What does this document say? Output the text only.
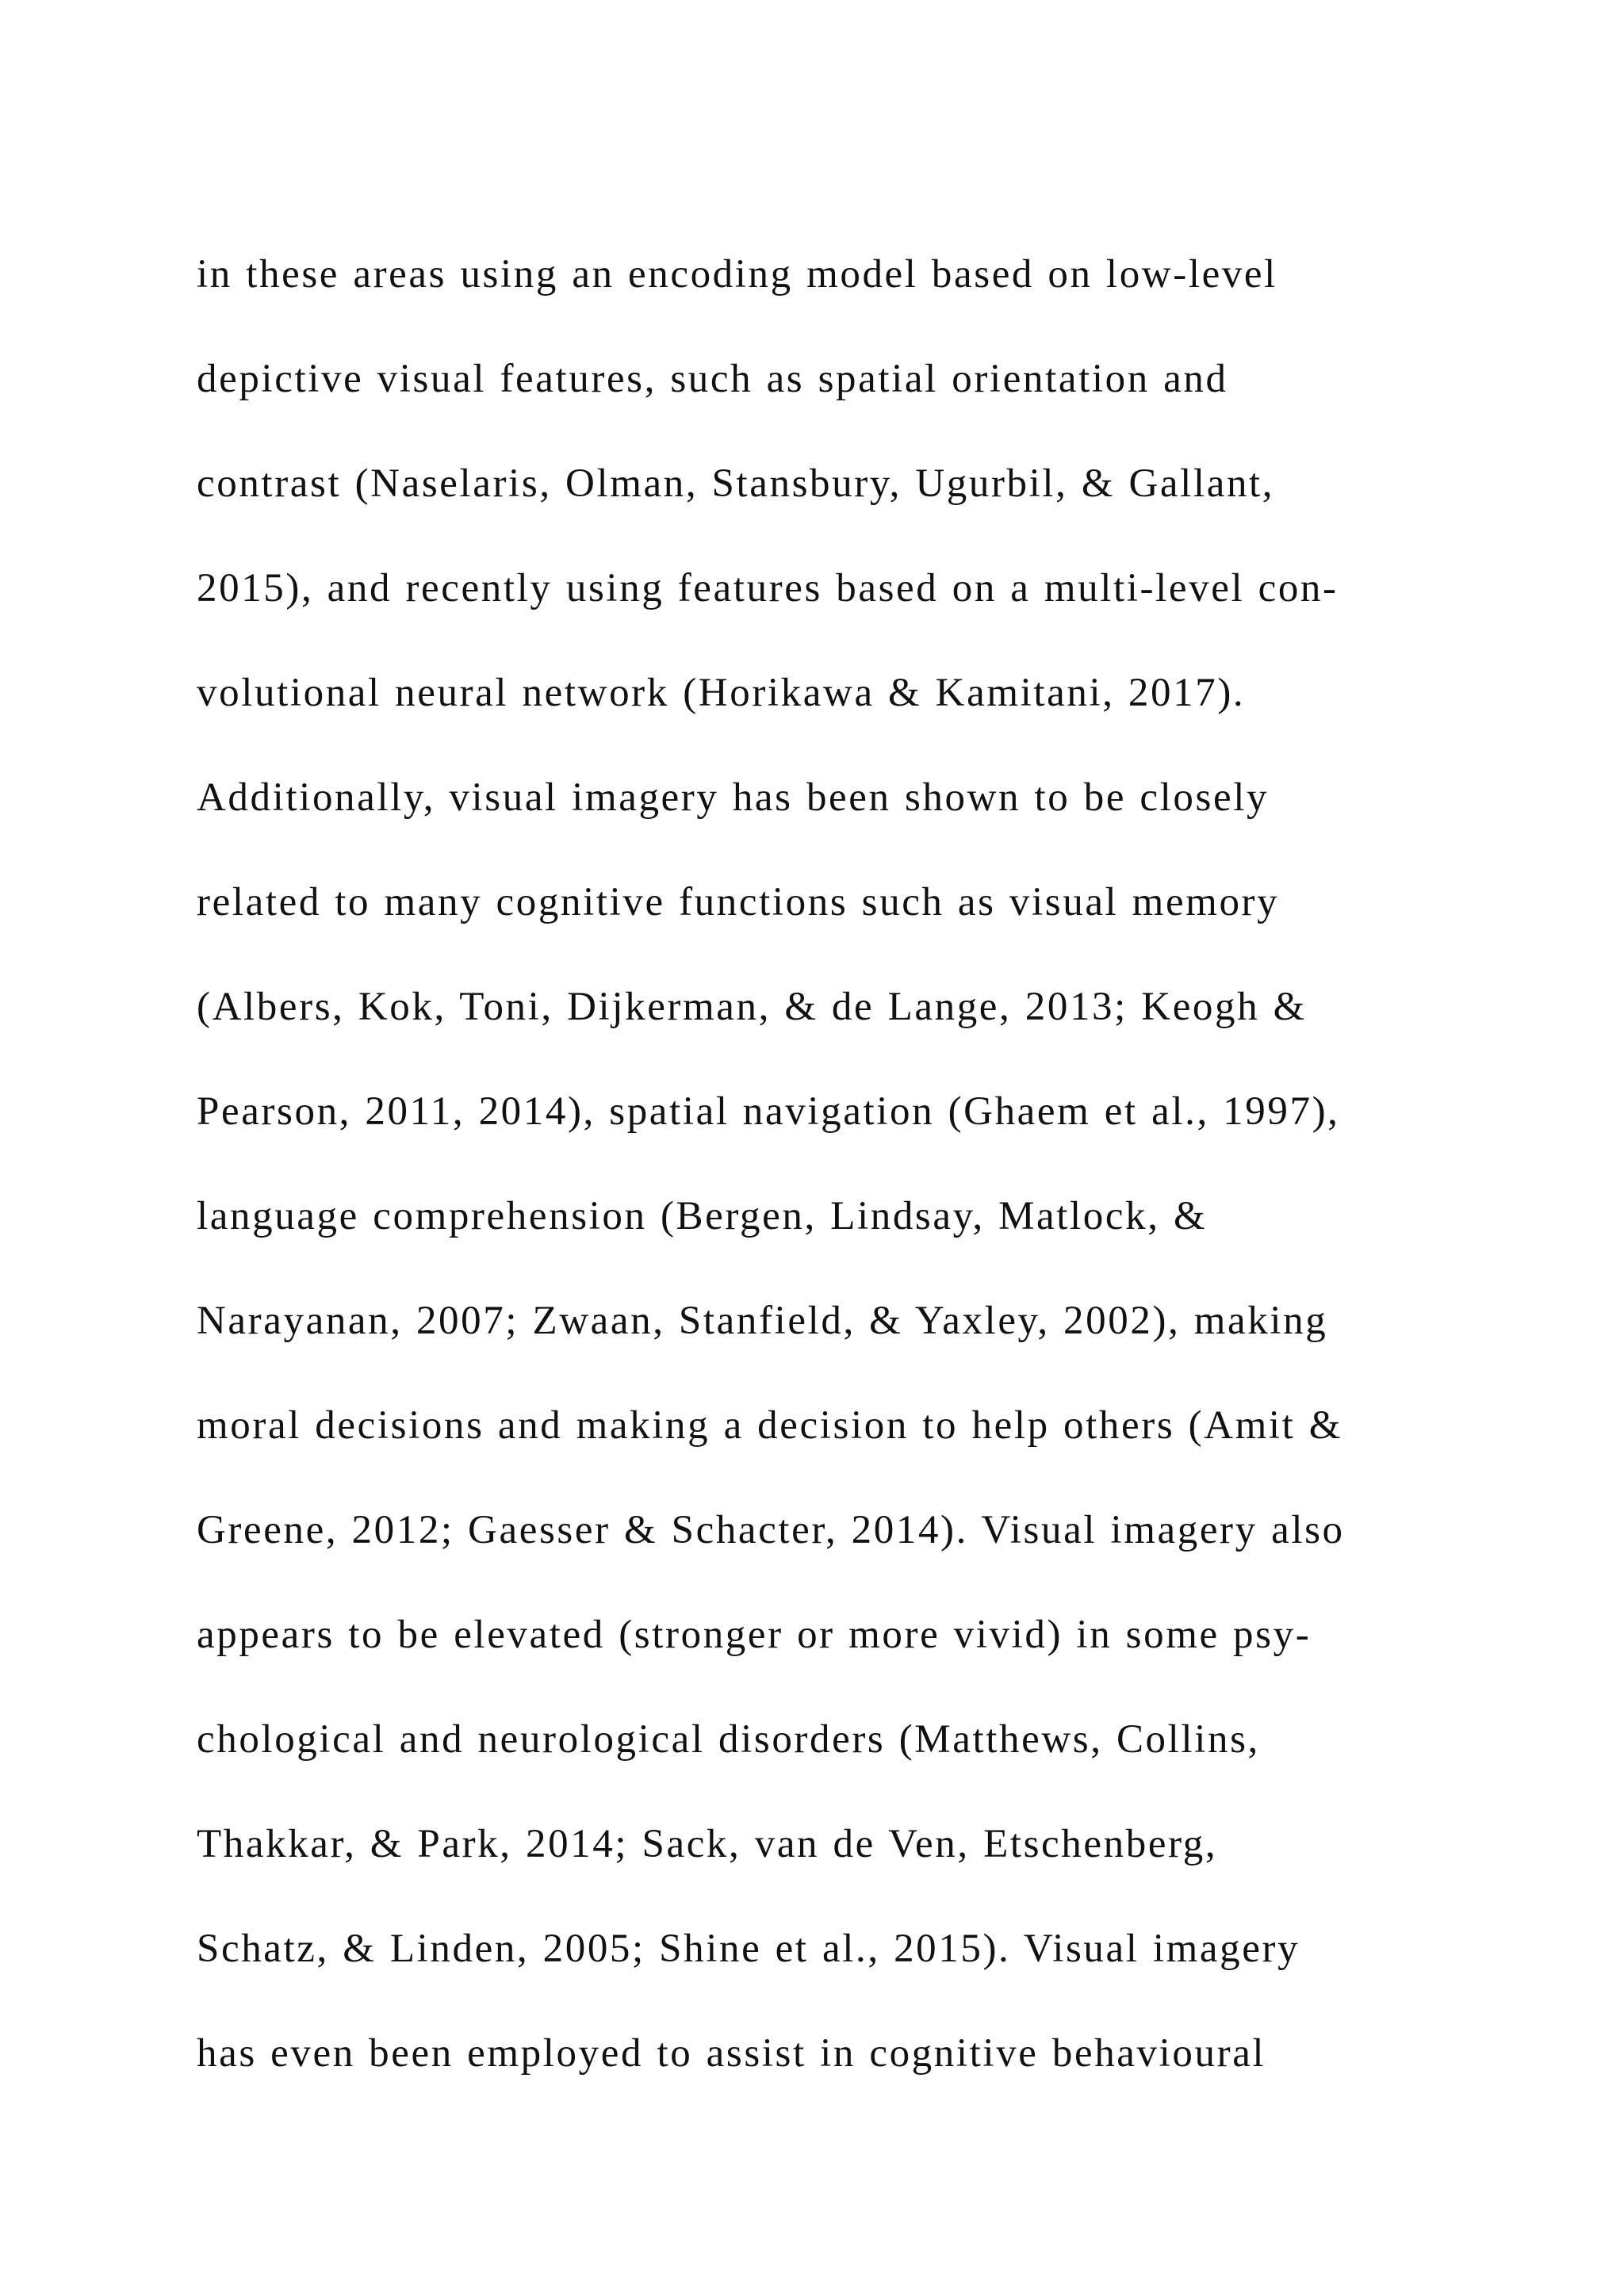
in these areas using an encoding model based on low-level
depictive visual features, such as spatial orientation and
contrast (Naselaris, Olman, Stansbury, Ugurbil, & Gallant,
2015), and recently using features based on a multi-level con-
volutional neural network (Horikawa & Kamitani, 2017).
Additionally, visual imagery has been shown to be closely
related to many cognitive functions such as visual memory
(Albers, Kok, Toni, Dijkerman, & de Lange, 2013; Keogh &
Pearson, 2011, 2014), spatial navigation (Ghaem et al., 1997),
language comprehension (Bergen, Lindsay, Matlock, &
Narayanan, 2007; Zwaan, Stanfield, & Yaxley, 2002), making
moral decisions and making a decision to help others (Amit &
Greene, 2012; Gaesser & Schacter, 2014). Visual imagery also
appears to be elevated (stronger or more vivid) in some psy-
chological and neurological disorders (Matthews, Collins,
Thakkar, & Park, 2014; Sack, van de Ven, Etschenberg,
Schatz, & Linden, 2005; Shine et al., 2015). Visual imagery
has even been employed to assist in cognitive behavioural
